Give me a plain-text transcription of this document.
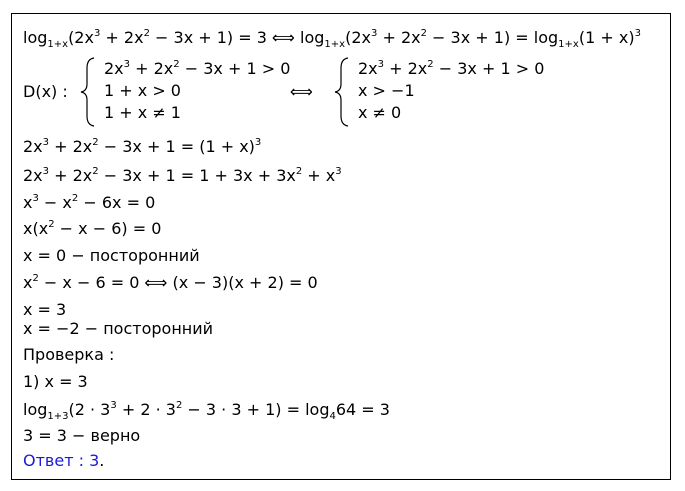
$\log_{1+x}(2x^3 + 2x^2 - 3x + 1) = 3$ ⟺ $\log_{1+x}(2x^3 + 2x^2 - 3x + 1) = \log_{1+x}(1 + x)^3$
D(x) :
$2x^3 + 2x^2 - 3x + 1 > 0$
1 + x > 0
1 + x ≠ 1
⟺
$2x^3 + 2x^2 - 3x + 1 > 0$
x > −1
x ≠ 0
$2x^3 + 2x^2 - 3x + 1 = (1 + x)^3$
$2x^3 + 2x^2 - 3x + 1 = 1 + 3x + 3x^2 + x^3$
$x^3 - x^2 - 6x = 0$
$x(x^2 - x - 6) = 0$
x = 0 − посторонний
$x^2 - x - 6 = 0$ ⟺ (x − 3)(x + 2) = 0
x = 3
x = −2 − посторонний
Проверка :
1) x = 3
$\log_{1+3}(2 \cdot 3^3 + 2 \cdot 3^2 - 3 \cdot 3 + 1) = \log_464 = 3$
3 = 3 − верно
Ответ : 3.
